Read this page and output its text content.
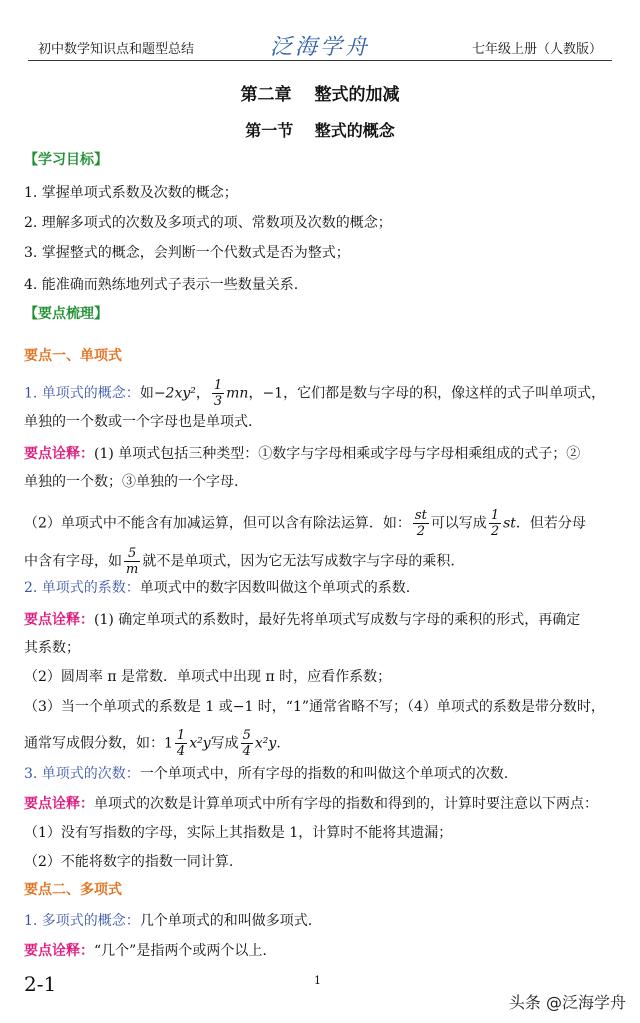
初中数学知识点和题型总结	泛海学舟	七年级上册（人教版）
第二章　 整式的加减
第一节　 整式的概念
【学习目标】
1. 掌握单项式系数及次数的概念；
2. 理解多项式的次数及多项式的项、常数项及次数的概念；
3. 掌握整式的概念，会判断一个代数式是否为整式；
4. 能准确而熟练地列式子表示一些数量关系.
【要点梳理】
要点一、单项式
1. 单项式的概念：如−2xy²， $\frac{1}{3}$ mn，−1，它们都是数与字母的积，像这样的式子叫单项式，
单独的一个数或一个字母也是单项式.
要点诠释：(1) 单项式包括三种类型：①数字与字母相乘或字母与字母相乘组成的式子；②
单独的一个数；③单独的一个字母.
（2）单项式中不能含有加减运算，但可以含有除法运算．如： $\frac{st}{2}$ 可以写成 $\frac{1}{2}$ st．但若分母
中含有字母，如 $\frac{5}{m}$ 就不是单项式，因为它无法写成数字与字母的乘积.
2. 单项式的系数：单项式中的数字因数叫做这个单项式的系数.
要点诠释：(1) 确定单项式的系数时，最好先将单项式写成数与字母的乘积的形式，再确定
其系数；
（2）圆周率 π 是常数．单项式中出现 π 时，应看作系数；
（3）当一个单项式的系数是 1 或−1 时，“1”通常省略不写；（4）单项式的系数是带分数时，
通常写成假分数，如：$1 \frac{1}{4} x^2y$写成 $\frac{5}{4} x^2y$.
3. 单项式的次数：一个单项式中，所有字母的指数的和叫做这个单项式的次数.
要点诠释：单项式的次数是计算单项式中所有字母的指数和得到的，计算时要注意以下两点：
（1）没有写指数的字母，实际上其指数是 1，计算时不能将其遗漏；
（2）不能将数字的指数一同计算.
要点二、多项式
1. 多项式的概念：几个单项式的和叫做多项式.
要点诠释：“几个”是指两个或两个以上.
2-1	1
头条 @泛海学舟
